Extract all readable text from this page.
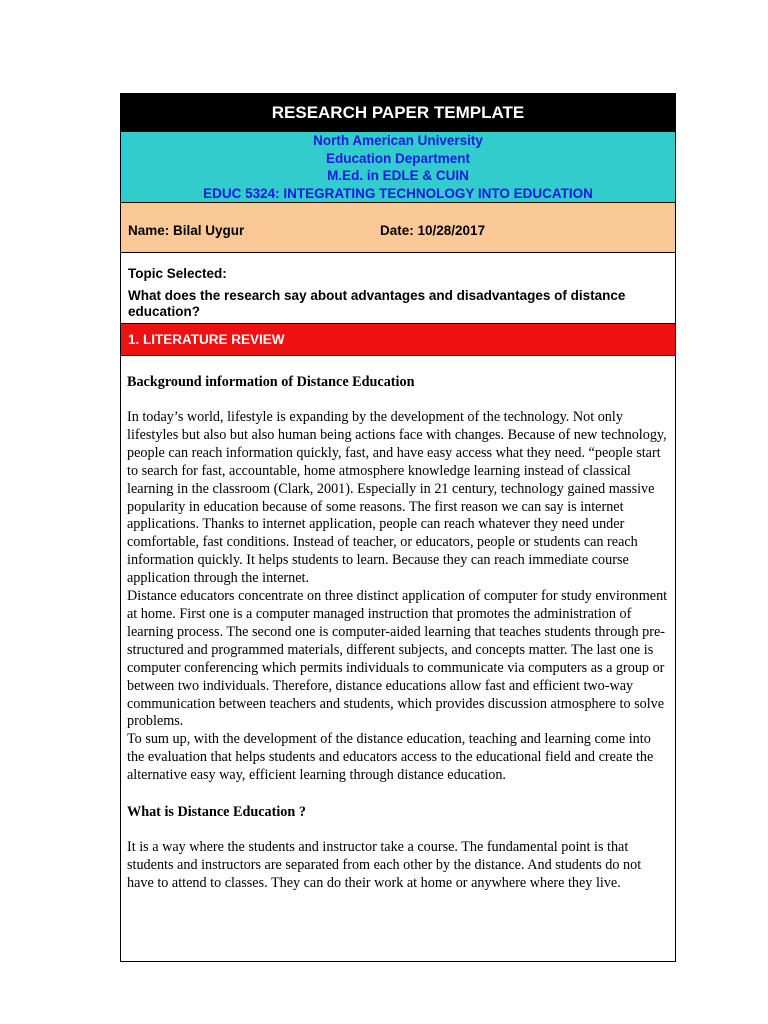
RESEARCH PAPER TEMPLATE
North American University
Education Department
M.Ed. in EDLE & CUIN
EDUC 5324: INTEGRATING TECHNOLOGY INTO EDUCATION
Name: Bilal Uygur	Date: 10/28/2017
Topic Selected:
What does the research say about advantages and disadvantages of distance education?
1. LITERATURE REVIEW
Background information of Distance Education

In today’s world, lifestyle is expanding by the development of the technology. Not only lifestyles but also but also human being actions face with changes. Because of new technology, people can reach information quickly, fast, and have easy access what they need. “people start to search for fast, accountable, home atmosphere knowledge learning instead of classical learning in the classroom (Clark, 2001). Especially in 21 century, technology gained massive popularity in education because of some reasons. The first reason we can say is internet applications. Thanks to internet application, people can reach whatever they need under comfortable, fast conditions. Instead of teacher, or educators, people or students can reach information quickly. It helps students to learn. Because they can reach immediate course application through the internet.

Distance educators concentrate on three distinct application of computer for study environment at home. First one is a computer managed instruction that promotes the administration of learning process. The second one is computer-aided learning that teaches students through pre-structured and programmed materials, different subjects, and concepts matter. The last one is computer conferencing which permits individuals to communicate via computers as a group or between two individuals. Therefore, distance educations allow fast and efficient two-way communication between teachers and students, which provides discussion atmosphere to solve problems.

To sum up, with the development of the distance education, teaching and learning come into the evaluation that helps students and educators access to the educational field and create the alternative easy way, efficient learning through distance education.

What is Distance Education ?

It is a way where the students and instructor take a course. The fundamental point is that students and instructors are separated from each other by the distance. And students do not have to attend to classes. They can do their work at home or anywhere where they live.
